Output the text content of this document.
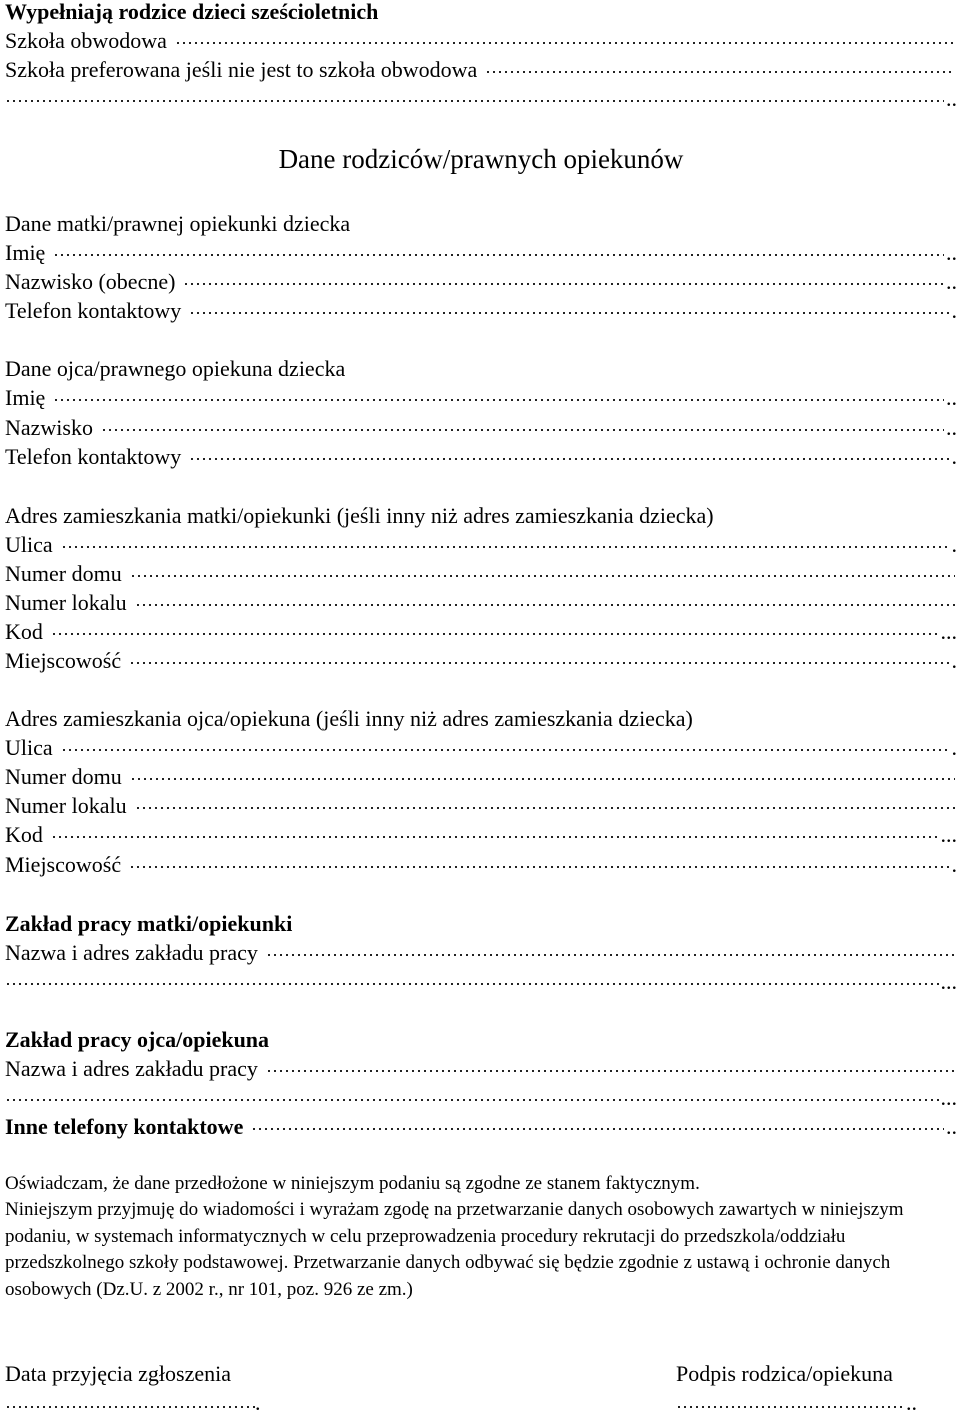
Wypełniają rodzice dzieci sześcioletnich
Szkoła obwodowa
Szkoła preferowana jeśli nie jest to szkoła obwodowa
..
Dane rodziców/prawnych opiekunów
Dane matki/prawnej opiekunki dziecka
Imię	..
Nazwisko (obecne)	..
Telefon kontaktowy	.
Dane ojca/prawnego opiekuna dziecka
Imię	..
Nazwisko	..
Telefon kontaktowy	.
Adres zamieszkania matki/opiekunki (jeśli inny niż adres zamieszkania dziecka)
Ulica	.
Numer domu
Numer lokalu
Kod	...
Miejscowość	.
Adres zamieszkania ojca/opiekuna (jeśli inny niż adres zamieszkania dziecka)
Ulica	.
Numer domu
Numer lokalu
Kod	...
Miejscowość	.
Zakład pracy matki/opiekunki
Nazwa i adres zakładu pracy
...
Zakład pracy ojca/opiekuna
Nazwa i adres zakładu pracy
...
Inne telefony kontaktowe	..
Oświadczam, że dane przedłożone w niniejszym podaniu są zgodne ze stanem faktycznym.
Niniejszym przyjmuję do wiadomości i wyrażam zgodę na przetwarzanie danych osobowych zawartych w niniejszym podaniu, w systemach informatycznych w celu przeprowadzenia procedury rekrutacji do przedszkola/oddziału przedszkolnego szkoły podstawowej. Przetwarzanie danych odbywać się będzie zgodnie z ustawą i ochronie danych osobowych (Dz.U. z 2002 r., nr 101, poz. 926 ze zm.)
Data przyjęcia zgłoszenia
.
Podpis rodzica/opiekuna
..
